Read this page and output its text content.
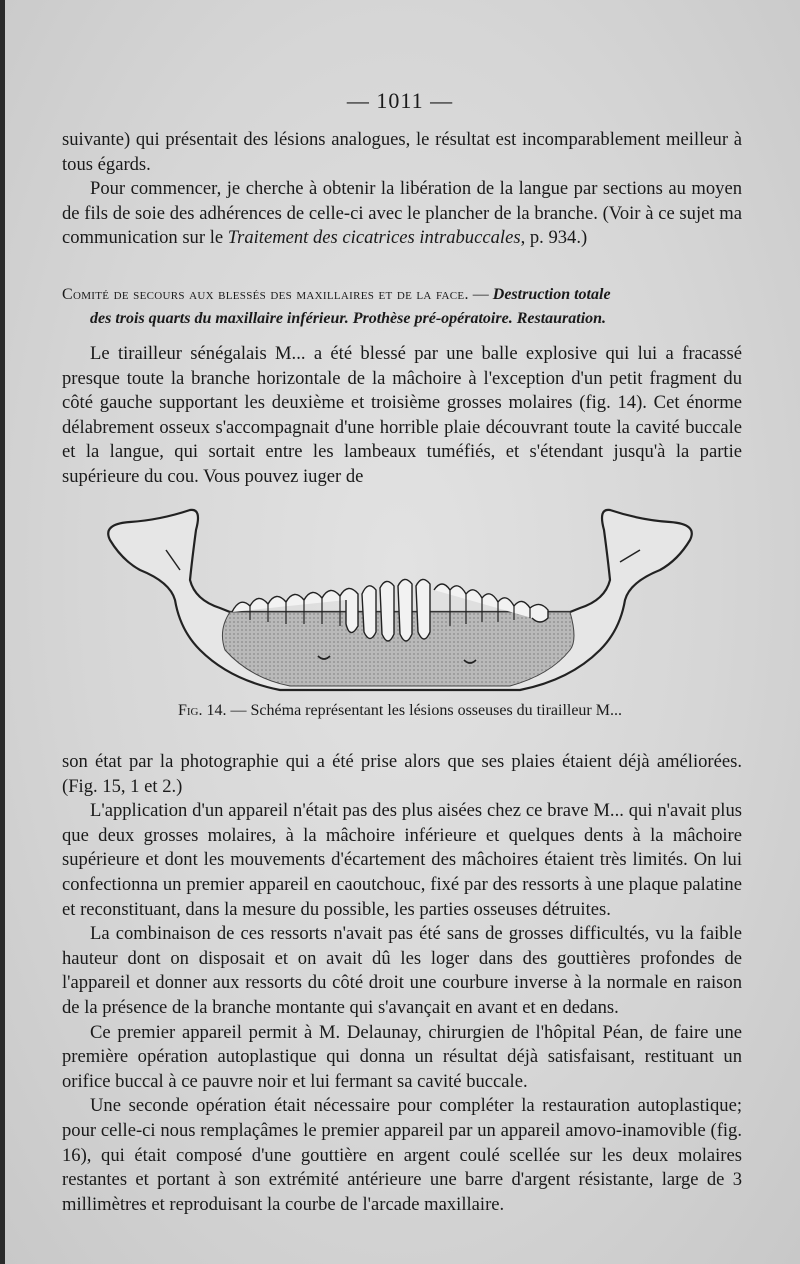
— 1011 —

suivante) qui présentait des lésions analogues, le résultat est incomparablement meilleur à tous égards.

Pour commencer, je cherche à obtenir la libération de la langue par sections au moyen de fils de soie des adhérences de celle-ci avec le plancher de la branche. (Voir à ce sujet ma communication sur le Traitement des cicatrices intrabuccales, p. 934.)

Comité de secours aux blessés des maxillaires et de la face. — Destruction totale
des trois quarts du maxillaire inférieur. Prothèse pré-opératoire. Restauration.

Le tirailleur sénégalais M... a été blessé par une balle explosive qui lui a fracassé presque toute la branche horizontale de la mâchoire à l'exception d'un petit fragment du côté gauche supportant les deuxième et troisième grosses molaires (fig. 14). Cet énorme délabrement osseux s'accompagnait d'une horrible plaie découvrant toute la cavité buccale et la langue, qui sortait entre les lambeaux tuméfiés, et s'étendant jusqu'à la partie supérieure du cou. Vous pouvez iuger de

Fig. 14. — Schéma représentant les lésions osseuses du tirailleur M...

son état par la photographie qui a été prise alors que ses plaies étaient déjà améliorées. (Fig. 15, 1 et 2.)

L'application d'un appareil n'était pas des plus aisées chez ce brave M... qui n'avait plus que deux grosses molaires, à la mâchoire inférieure et quelques dents à la mâchoire supérieure et dont les mouvements d'écartement des mâchoires étaient très limités. On lui confectionna un premier appareil en caoutchouc, fixé par des ressorts à une plaque palatine et reconstituant, dans la mesure du possible, les parties osseuses détruites.

La combinaison de ces ressorts n'avait pas été sans de grosses difficultés, vu la faible hauteur dont on disposait et on avait dû les loger dans des gouttières profondes de l'appareil et donner aux ressorts du côté droit une courbure inverse à la normale en raison de la présence de la branche montante qui s'avançait en avant et en dedans.

Ce premier appareil permit à M. Delaunay, chirurgien de l'hôpital Péan, de faire une première opération autoplastique qui donna un résultat déjà satisfaisant, restituant un orifice buccal à ce pauvre noir et lui fermant sa cavité buccale.

Une seconde opération était nécessaire pour compléter la restauration autoplastique; pour celle-ci nous remplaçâmes le premier appareil par un appareil amovo-inamovible (fig. 16), qui était composé d'une gouttière en argent coulé scellée sur les deux molaires restantes et portant à son extrémité antérieure une barre d'argent résistante, large de 3 millimètres et reproduisant la courbe de l'arcade maxillaire.
